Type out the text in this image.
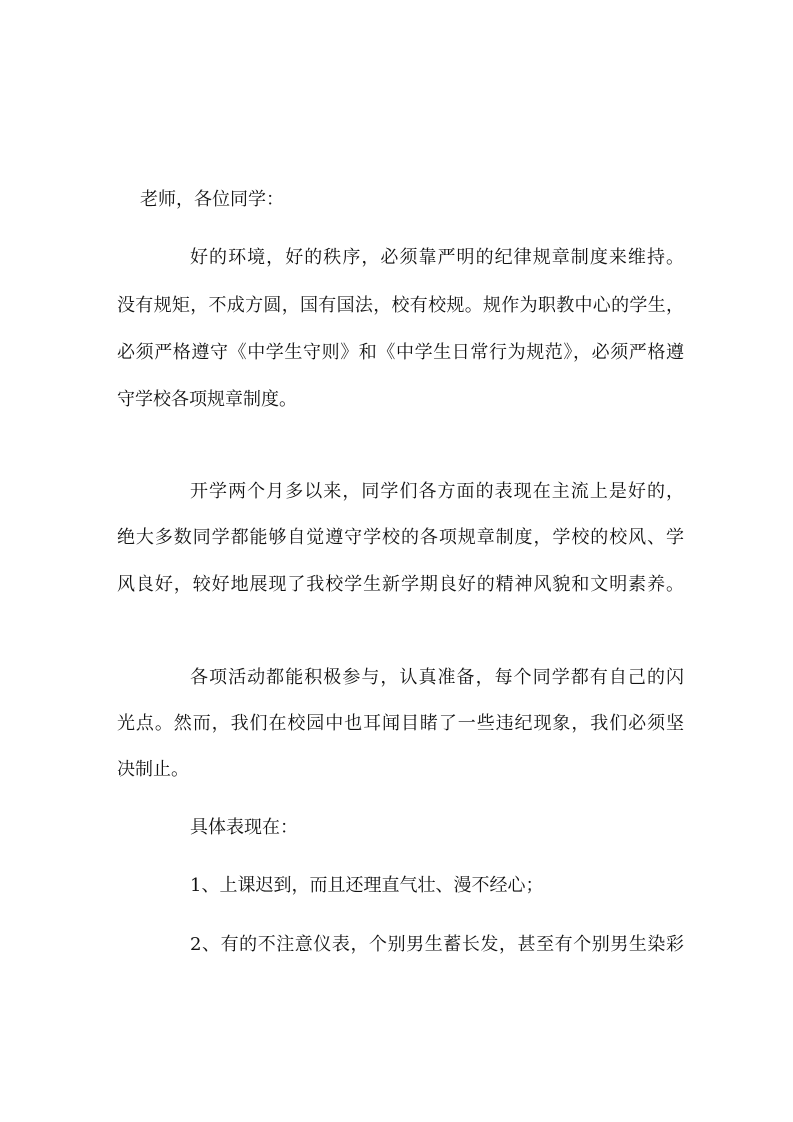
老师，各位同学：
好的环境，好的秩序，必须靠严明的纪律规章制度来维持。
没有规矩，不成方圆，国有国法，校有校规。规作为职教中心的学生，
必须严格遵守《中学生守则》和《中学生日常行为规范》，必须严格遵
守学校各项规章制度。
开学两个月多以来，同学们各方面的表现在主流上是好的，
绝大多数同学都能够自觉遵守学校的各项规章制度，学校的校风、学
风良好，较好地展现了我校学生新学期良好的精神风貌和文明素养。
各项活动都能积极参与，认真准备，每个同学都有自己的闪
光点。然而，我们在校园中也耳闻目睹了一些违纪现象，我们必须坚
决制止。
具体表现在：
1、上课迟到，而且还理直气壮、漫不经心；
2、有的不注意仪表，个别男生蓄长发，甚至有个别男生染彩
